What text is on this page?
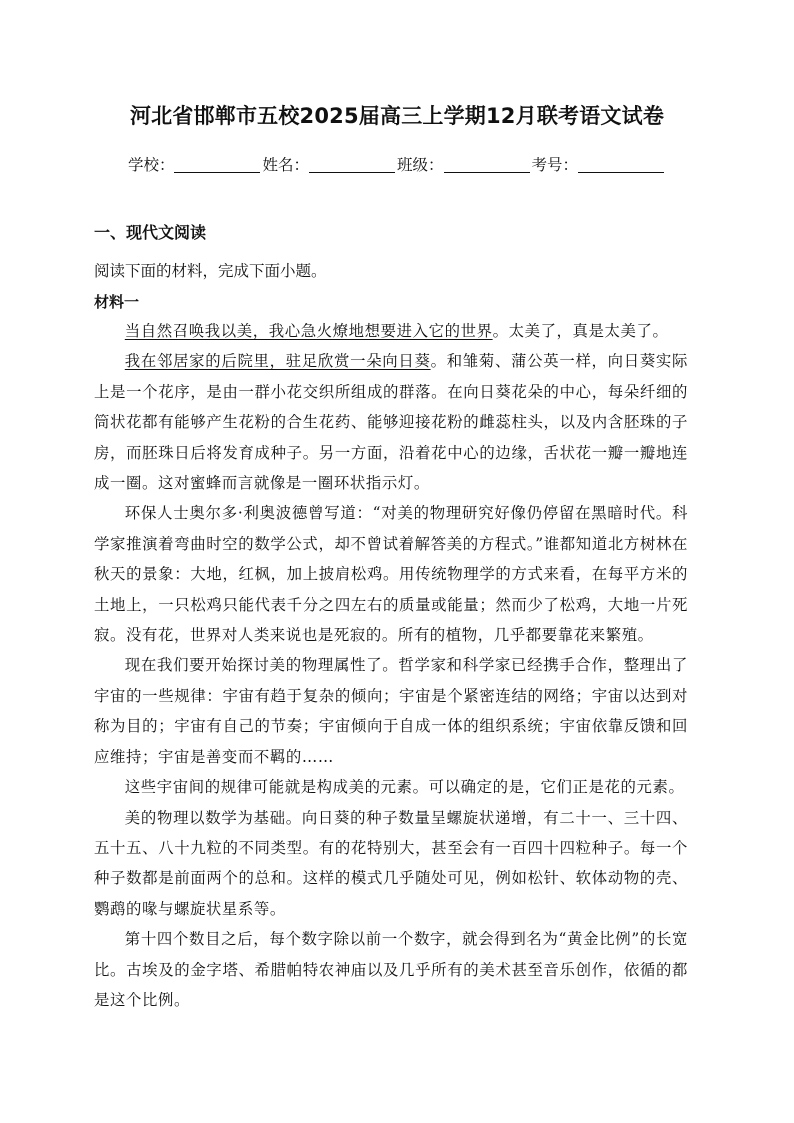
河北省邯郸市五校2025届高三上学期12月联考语文试卷
学校：	姓名：	班级：	考号：
一、现代文阅读
阅读下面的材料，完成下面小题。
材料一

当自然召唤我以美，我心急火燎地想要进入它的世界。太美了，真是太美了。

我在邻居家的后院里，驻足欣赏一朵向日葵。和雏菊、蒲公英一样，向日葵实际上是一个花序，是由一群小花交织所组成的群落。在向日葵花朵的中心，每朵纤细的筒状花都有能够产生花粉的合生花药、能够迎接花粉的雌蕊柱头，以及内含胚珠的子房，而胚珠日后将发育成种子。另一方面，沿着花中心的边缘，舌状花一瓣一瓣地连成一圈。这对蜜蜂而言就像是一圈环状指示灯。

环保人士奥尔多·利奥波德曾写道：“对美的物理研究好像仍停留在黑暗时代。科学家推演着弯曲时空的数学公式，却不曾试着解答美的方程式。”谁都知道北方树林在秋天的景象：大地，红枫，加上披肩松鸡。用传统物理学的方式来看，在每平方米的土地上，一只松鸡只能代表千分之四左右的质量或能量；然而少了松鸡，大地一片死寂。没有花，世界对人类来说也是死寂的。所有的植物，几乎都要靠花来繁殖。

现在我们要开始探讨美的物理属性了。哲学家和科学家已经携手合作，整理出了宇宙的一些规律：宇宙有趋于复杂的倾向；宇宙是个紧密连结的网络；宇宙以达到对称为目的；宇宙有自己的节奏；宇宙倾向于自成一体的组织系统；宇宙依靠反馈和回应维持；宇宙是善变而不羁的……

这些宇宙间的规律可能就是构成美的元素。可以确定的是，它们正是花的元素。

美的物理以数学为基础。向日葵的种子数量呈螺旋状递增，有二十一、三十四、五十五、八十九粒的不同类型。有的花特别大，甚至会有一百四十四粒种子。每一个种子数都是前面两个的总和。这样的模式几乎随处可见，例如松针、软体动物的壳、鹦鹉的喙与螺旋状星系等。

第十四个数目之后，每个数字除以前一个数字，就会得到名为“黄金比例”的长宽比。古埃及的金字塔、希腊帕特农神庙以及几乎所有的美术甚至音乐创作，依循的都是这个比例。
